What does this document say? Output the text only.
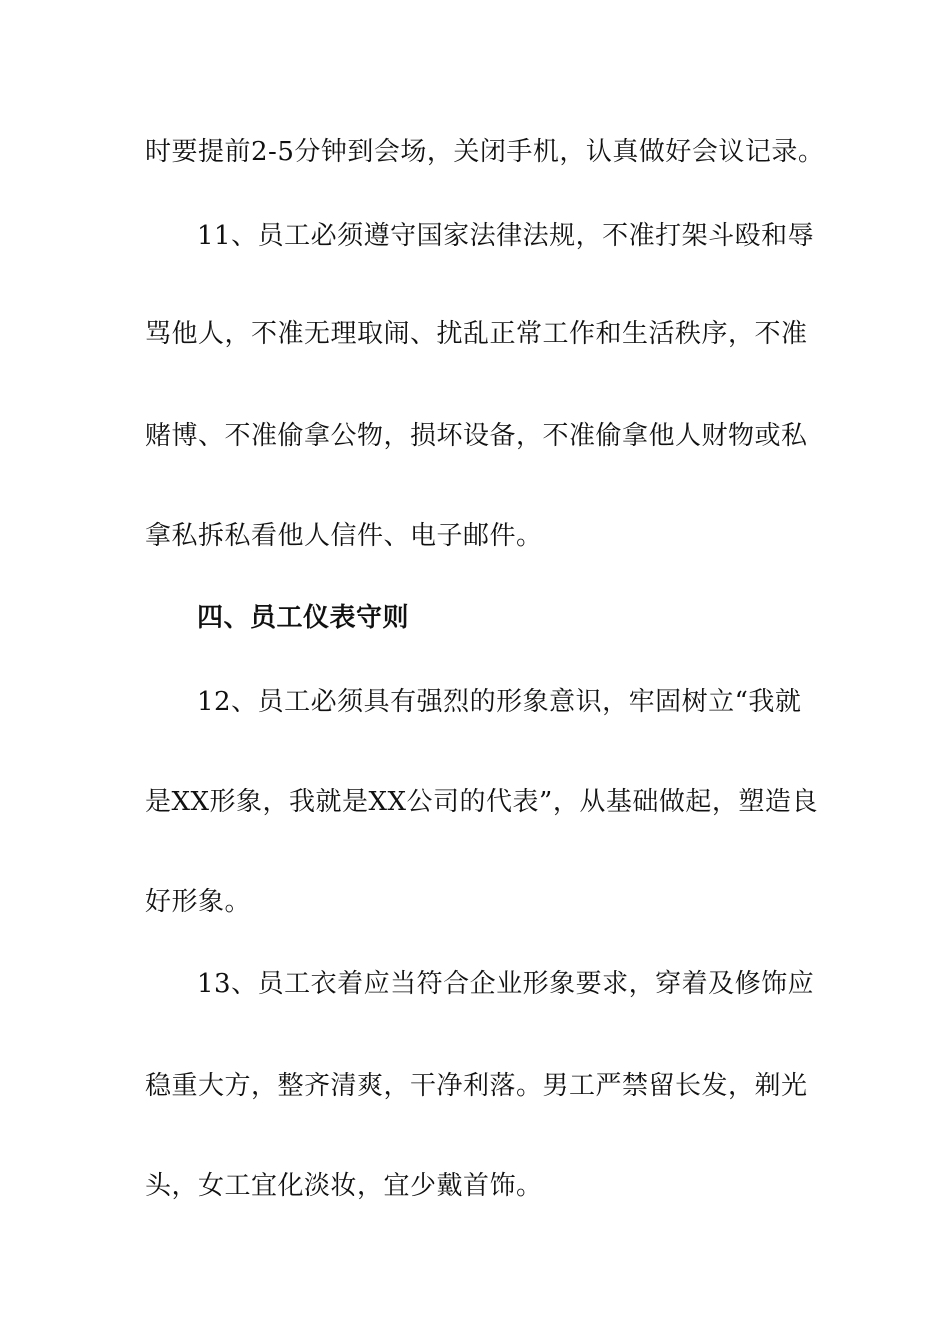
时要提前2-5分钟到会场，关闭手机，认真做好会议记录。
11、员工必须遵守国家法律法规，不准打架斗殴和辱
骂他人，不准无理取闹、扰乱正常工作和生活秩序，不准
赌博、不准偷拿公物，损坏设备，不准偷拿他人财物或私
拿私拆私看他人信件、电子邮件。
四、员工仪表守则
12、员工必须具有强烈的形象意识，牢固树立“我就
是XX形象，我就是XX公司的代表”，从基础做起，塑造良
好形象。
13、员工衣着应当符合企业形象要求，穿着及修饰应
稳重大方，整齐清爽，干净利落。男工严禁留长发，剃光
头，女工宜化淡妆，宜少戴首饰。
